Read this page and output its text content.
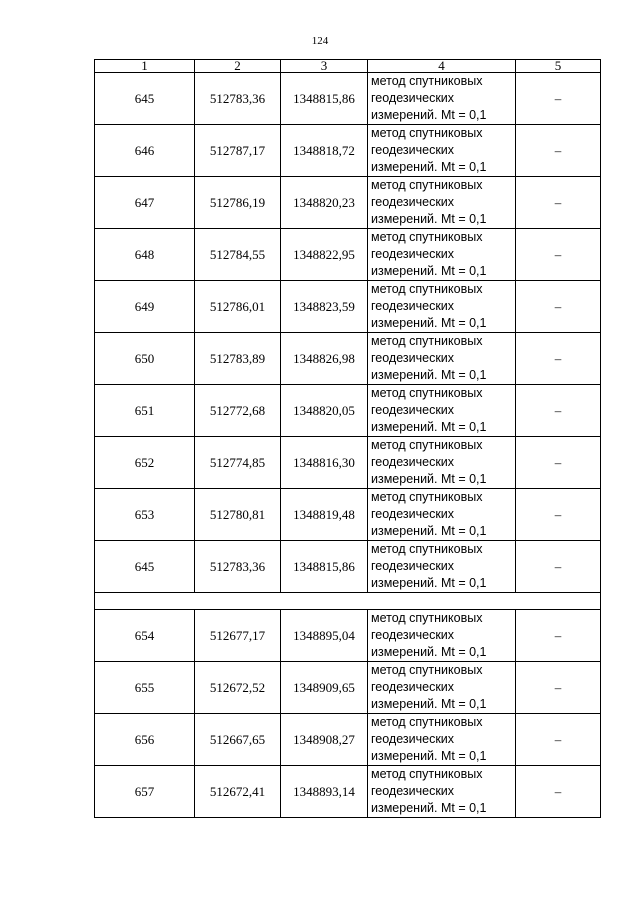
124
1	2	3	4	5
645	512783,36	1348815,86	метод спутниковых
геодезических
измерений. Mt = 0,1	–
646	512787,17	1348818,72	метод спутниковых
геодезических
измерений. Mt = 0,1	–
647	512786,19	1348820,23	метод спутниковых
геодезических
измерений. Mt = 0,1	–
648	512784,55	1348822,95	метод спутниковых
геодезических
измерений. Mt = 0,1	–
649	512786,01	1348823,59	метод спутниковых
геодезических
измерений. Mt = 0,1	–
650	512783,89	1348826,98	метод спутниковых
геодезических
измерений. Mt = 0,1	–
651	512772,68	1348820,05	метод спутниковых
геодезических
измерений. Mt = 0,1	–
652	512774,85	1348816,30	метод спутниковых
геодезических
измерений. Mt = 0,1	–
653	512780,81	1348819,48	метод спутниковых
геодезических
измерений. Mt = 0,1	–
645	512783,36	1348815,86	метод спутниковых
геодезических
измерений. Mt = 0,1	–

654	512677,17	1348895,04	метод спутниковых
геодезических
измерений. Mt = 0,1	–
655	512672,52	1348909,65	метод спутниковых
геодезических
измерений. Mt = 0,1	–
656	512667,65	1348908,27	метод спутниковых
геодезических
измерений. Mt = 0,1	–
657	512672,41	1348893,14	метод спутниковых
геодезических
измерений. Mt = 0,1	–
